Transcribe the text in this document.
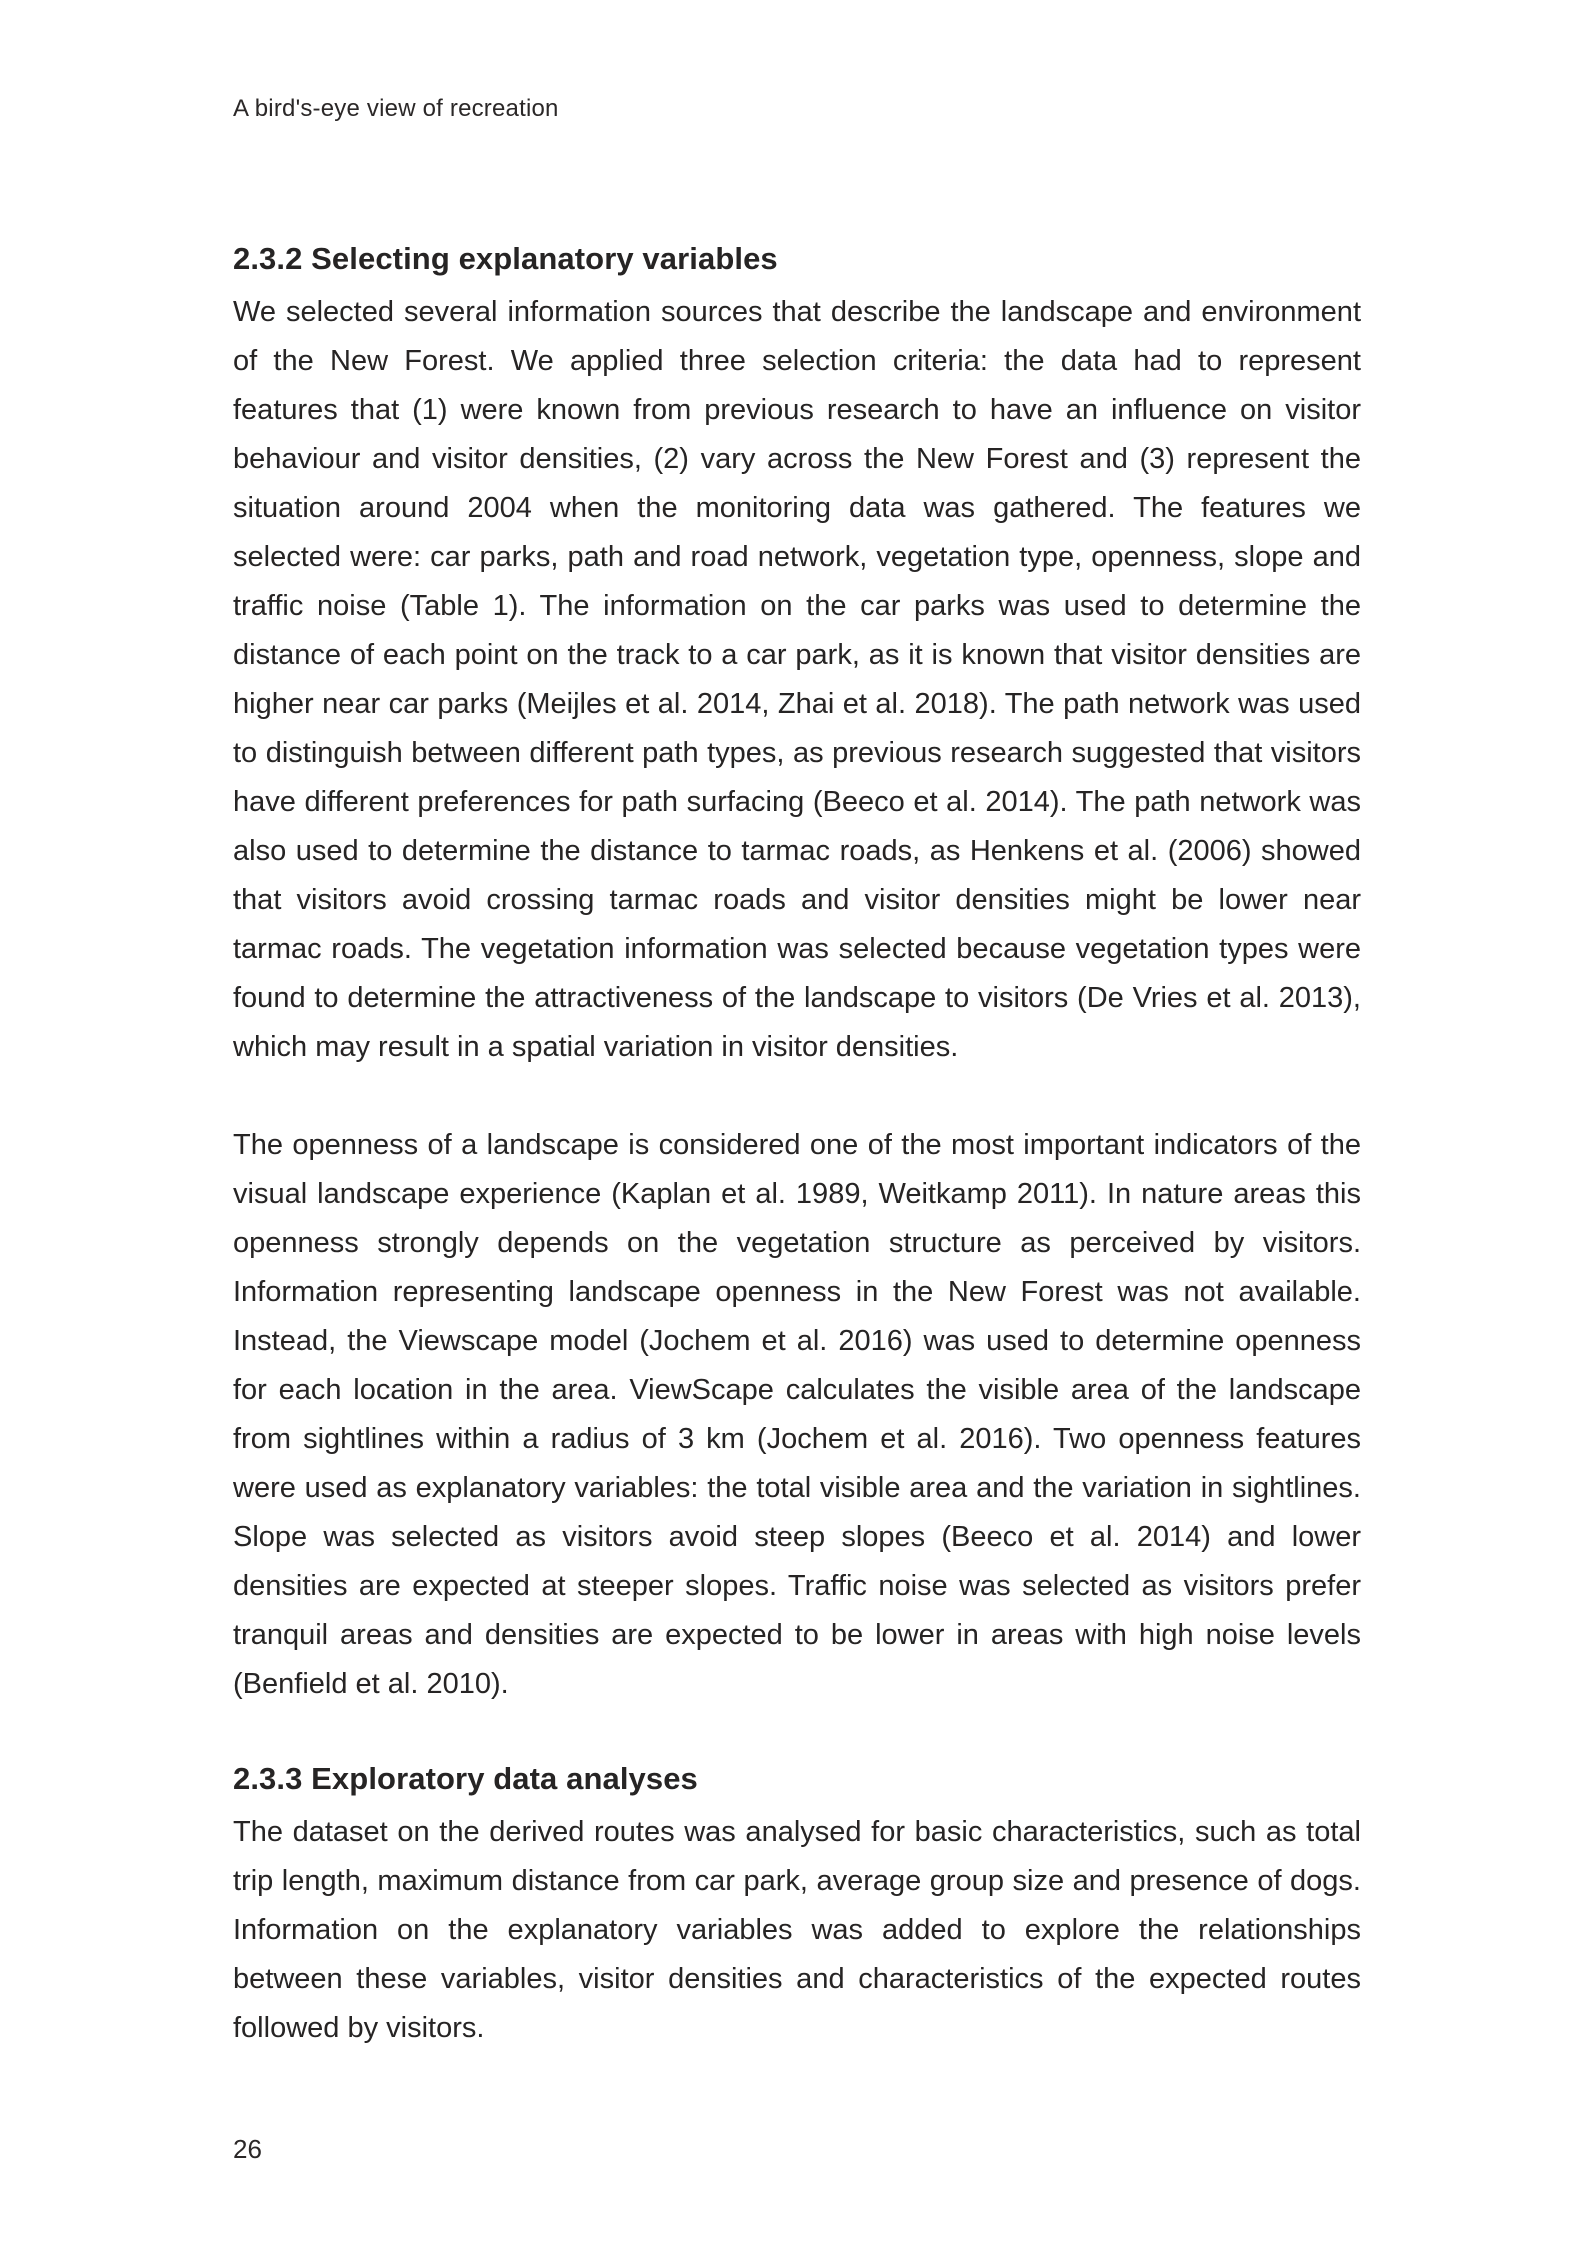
A bird's-eye view of recreation
2.3.2 Selecting explanatory variables

We selected several information sources that describe the landscape and environment of the New Forest. We applied three selection criteria: the data had to represent features that (1) were known from previous research to have an influence on visitor behaviour and visitor densities, (2) vary across the New Forest and (3) represent the situation around 2004 when the monitoring data was gathered. The features we selected were: car parks, path and road network, vegetation type, openness, slope and traffic noise (Table 1). The information on the car parks was used to determine the distance of each point on the track to a car park, as it is known that visitor densities are higher near car parks (Meijles et al. 2014, Zhai et al. 2018). The path network was used to distinguish between different path types, as previous research suggested that visitors have different preferences for path surfacing (Beeco et al. 2014). The path network was also used to determine the distance to tarmac roads, as Henkens et al. (2006) showed that visitors avoid crossing tarmac roads and visitor densities might be lower near tarmac roads. The vegetation information was selected because vegetation types were found to determine the attractiveness of the landscape to visitors (De Vries et al. 2013), which may result in a spatial variation in visitor densities.

The openness of a landscape is considered one of the most important indicators of the visual landscape experience (Kaplan et al. 1989, Weitkamp 2011). In nature areas this openness strongly depends on the vegetation structure as perceived by visitors. Information representing landscape openness in the New Forest was not available. Instead, the Viewscape model (Jochem et al. 2016) was used to determine openness for each location in the area. ViewScape calculates the visible area of the landscape from sightlines within a radius of 3 km (Jochem et al. 2016). Two openness features were used as explanatory variables: the total visible area and the variation in sightlines. Slope was selected as visitors avoid steep slopes (Beeco et al. 2014) and lower densities are expected at steeper slopes. Traffic noise was selected as visitors prefer tranquil areas and densities are expected to be lower in areas with high noise levels (Benfield et al. 2010).

2.3.3 Exploratory data analyses

The dataset on the derived routes was analysed for basic characteristics, such as total trip length, maximum distance from car park, average group size and presence of dogs. Information on the explanatory variables was added to explore the relationships between these variables, visitor densities and characteristics of the expected routes followed by visitors.

26
